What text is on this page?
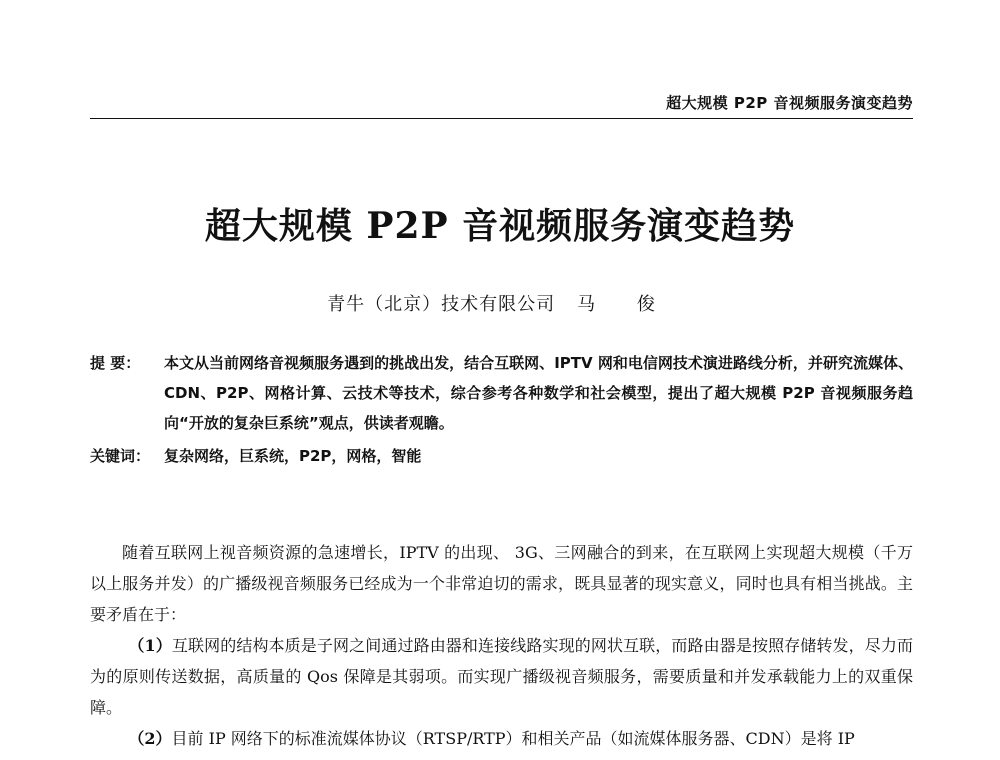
超大规模 P2P 音视频服务演变趋势
超大规模 P2P 音视频服务演变趋势
青牛（北京）技术有限公司 马 俊
提 要：	本文从当前网络音视频服务遇到的挑战出发，结合互联网、IPTV 网和电信网技术演进路线分析，并研究流媒体、CDN、P2P、网格计算、云技术等技术，综合参考各种数学和社会模型，提出了超大规模 P2P 音视频服务趋向“开放的复杂巨系统”观点，供读者观瞻。
关键词： 复杂网络，巨系统，P2P，网格，智能

随着互联网上视音频资源的急速增长，IPTV 的出现、 3G、三网融合的到来，在互联网上实现超大规模（千万以上服务并发）的广播级视音频服务已经成为一个非常迫切的需求，既具显著的现实意义，同时也具有相当挑战。主要矛盾在于：

（1）互联网的结构本质是子网之间通过路由器和连接线路实现的网状互联，而路由器是按照存储转发，尽力而为的原则传送数据，高质量的 Qos 保障是其弱项。而实现广播级视音频服务，需要质量和并发承载能力上的双重保障。

（2）目前 IP 网络下的标准流媒体协议（RTSP/RTP）和相关产品（如流媒体服务器、CDN）是将 IP
